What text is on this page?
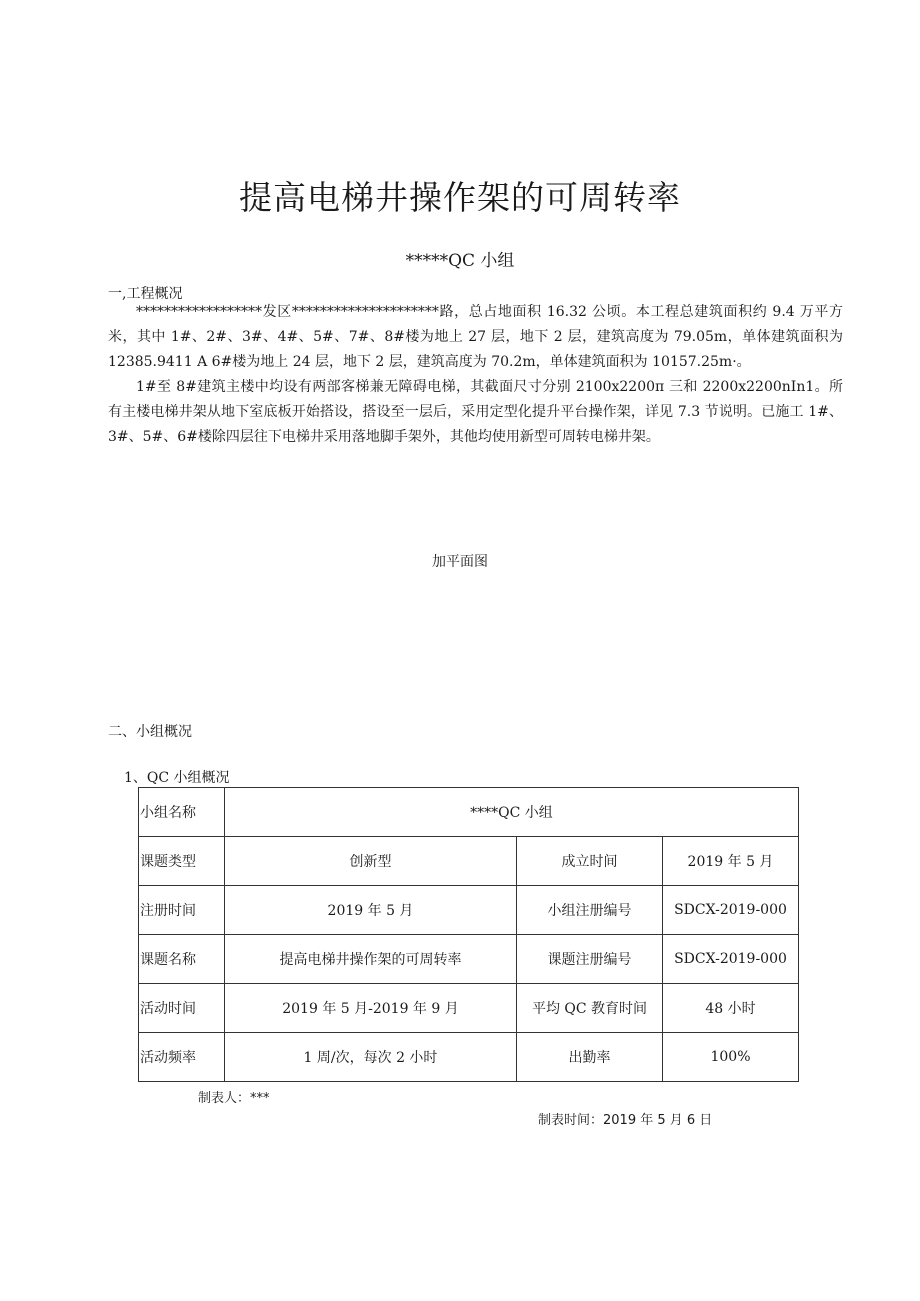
提高电梯井操作架的可周转率
*****QC 小组
一,工程概况

******************发区*********************路，总占地面积 16.32 公顷。本工程总建筑面积约 9.4 万平方米，其中 1#、2#、3#、4#、5#、7#、8#楼为地上 27 层，地下 2 层，建筑高度为 79.05m，单体建筑面积为 12385.9411 A 6#楼为地上 24 层，地下 2 层，建筑高度为 70.2m，单体建筑面积为 10157.25m·。

1#至 8#建筑主楼中均设有两部客梯兼无障碍电梯，其截面尺寸分别 2100x2200π 三和 2200x2200nIn1。所有主楼电梯井架从地下室底板开始搭设，搭设至一层后，采用定型化提升平台操作架，详见 7.3 节说明。已施工 1#、3#、5#、6#楼除四层往下电梯井采用落地脚手架外，其他均使用新型可周转电梯井架。

加平面图
二、小组概况
1、QC 小组概况
小组名称	****QC 小组		
课题类型	创新型	成立时间	2019 年 5 月
注册时间	2019 年 5 月	小组注册编号	SDCX-2019-000
课题名称	提高电梯井操作架的可周转率	课题注册编号	SDCX-2019-000
活动时间	2019 年 5 月-2019 年 9 月	平均 QC 教育时间	48 小时
活动频率	1 周/次，每次 2 小时	出勤率	100%
制表人：***
制表时间：2019 年 5 月 6 日
